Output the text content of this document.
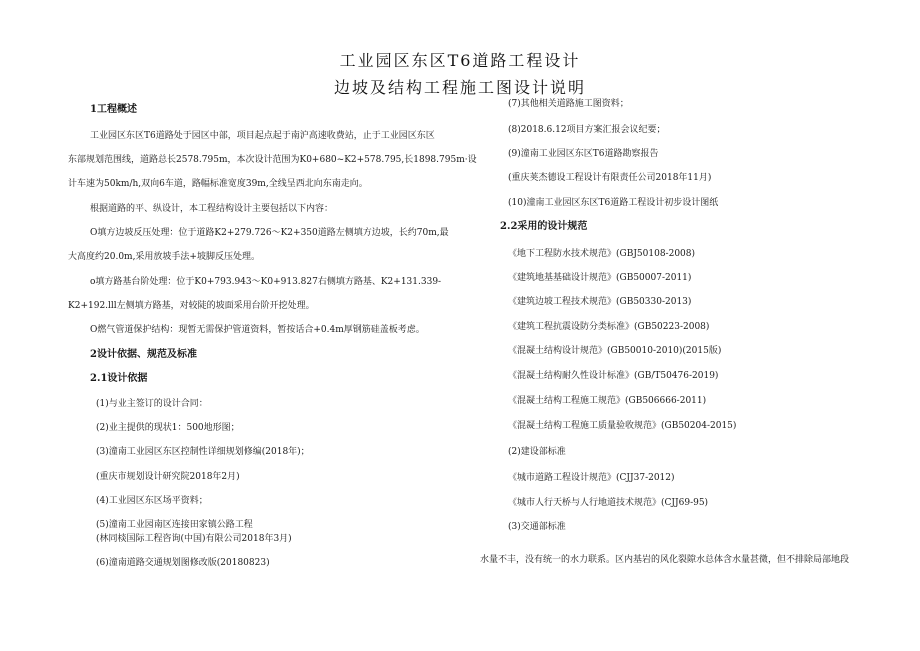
工业园区东区T6道路工程设计
边坡及结构工程施工图设计说明
1工程概述
工业园区东区T6道路处于园区中部，项目起点起于南沪高速收费站，止于工业园区东区
东部规划范围线，道路总长2578.795m，本次设计范围为K0+680~K2+578.795,长1898.795m·设
计车速为50km/h,双向6车道，路幅标准宽度39m,全线呈西北向东南走向。
根据道路的平、纵设计，本工程结构设计主要包括以下内容：
O填方边坡反压处理：位于道路K2+279.726～K2+350道路左侧填方边坡，长约70m,最
大高度约20.0m,采用放坡手法+坡脚反压处理。
o填方路基台阶处理：位于K0+793.943～K0+913.827右侧填方路基、K2+131.339-
K2+192.lll左侧填方路基，对较陡的坡面采用台阶开挖处理。
O燃气管道保护结构：现暂无需保护管道资料，暂按话合+0.4m厚钢筋硅盖板考虑。
2设计依据、规范及标准
2.1设计依据
(1)与业主签订的设计合同：
(2)业主提供的现状1：500地形图；
(3)潼南工业园区东区控制性详细规划修编(2018年)；
(重庆市规划设计研究院2018年2月)
(4)工业园区东区场平资料；
(5)潼南工业园南区连接田家镇公路工程
(林同棪国际工程咨询(中国)有限公司2018年3月)
(6)潼南道路交通规划图修改版(20180823)
(7)其他相关道路施工图资料；
(8)2018.6.12项目方案汇报会议纪要；
(9)潼南工业园区东区T6道路勘察报告
(重庆荚杰德设工程设计有限责任公司2018年11月)
(10)潼南工业园区东区T6道路工程设计初步设计图纸
2.2采用的设计规范
《地下工程防水技术规范》(GBJ50108-2008)
《建筑地基基础设计规范》(GB50007-2011)
《建筑边坡工程技术规范》(GB50330-2013)
《建筑工程抗震设防分类标准》(GB50223-2008)
《混凝土结构设计规范》(GB50010-2010)(2015版)
《混凝土结构耐久性设计标准》(GB/T50476-2019)
《混凝土结构工程施工规范》(GB506666-2011)
《混凝土结构工程施工质量验收规范》(GB50204-2015)
(2)建设部标准
《城市道路工程设计规范》(CJJ37-2012)
《城市人行天桥与人行地道技术规范》(CJJ69-95)
(3)交通部标准
水量不丰，没有统一的水力联系。区内基岩的风化裂隙水总体含水量甚微，但不排除局部地段
